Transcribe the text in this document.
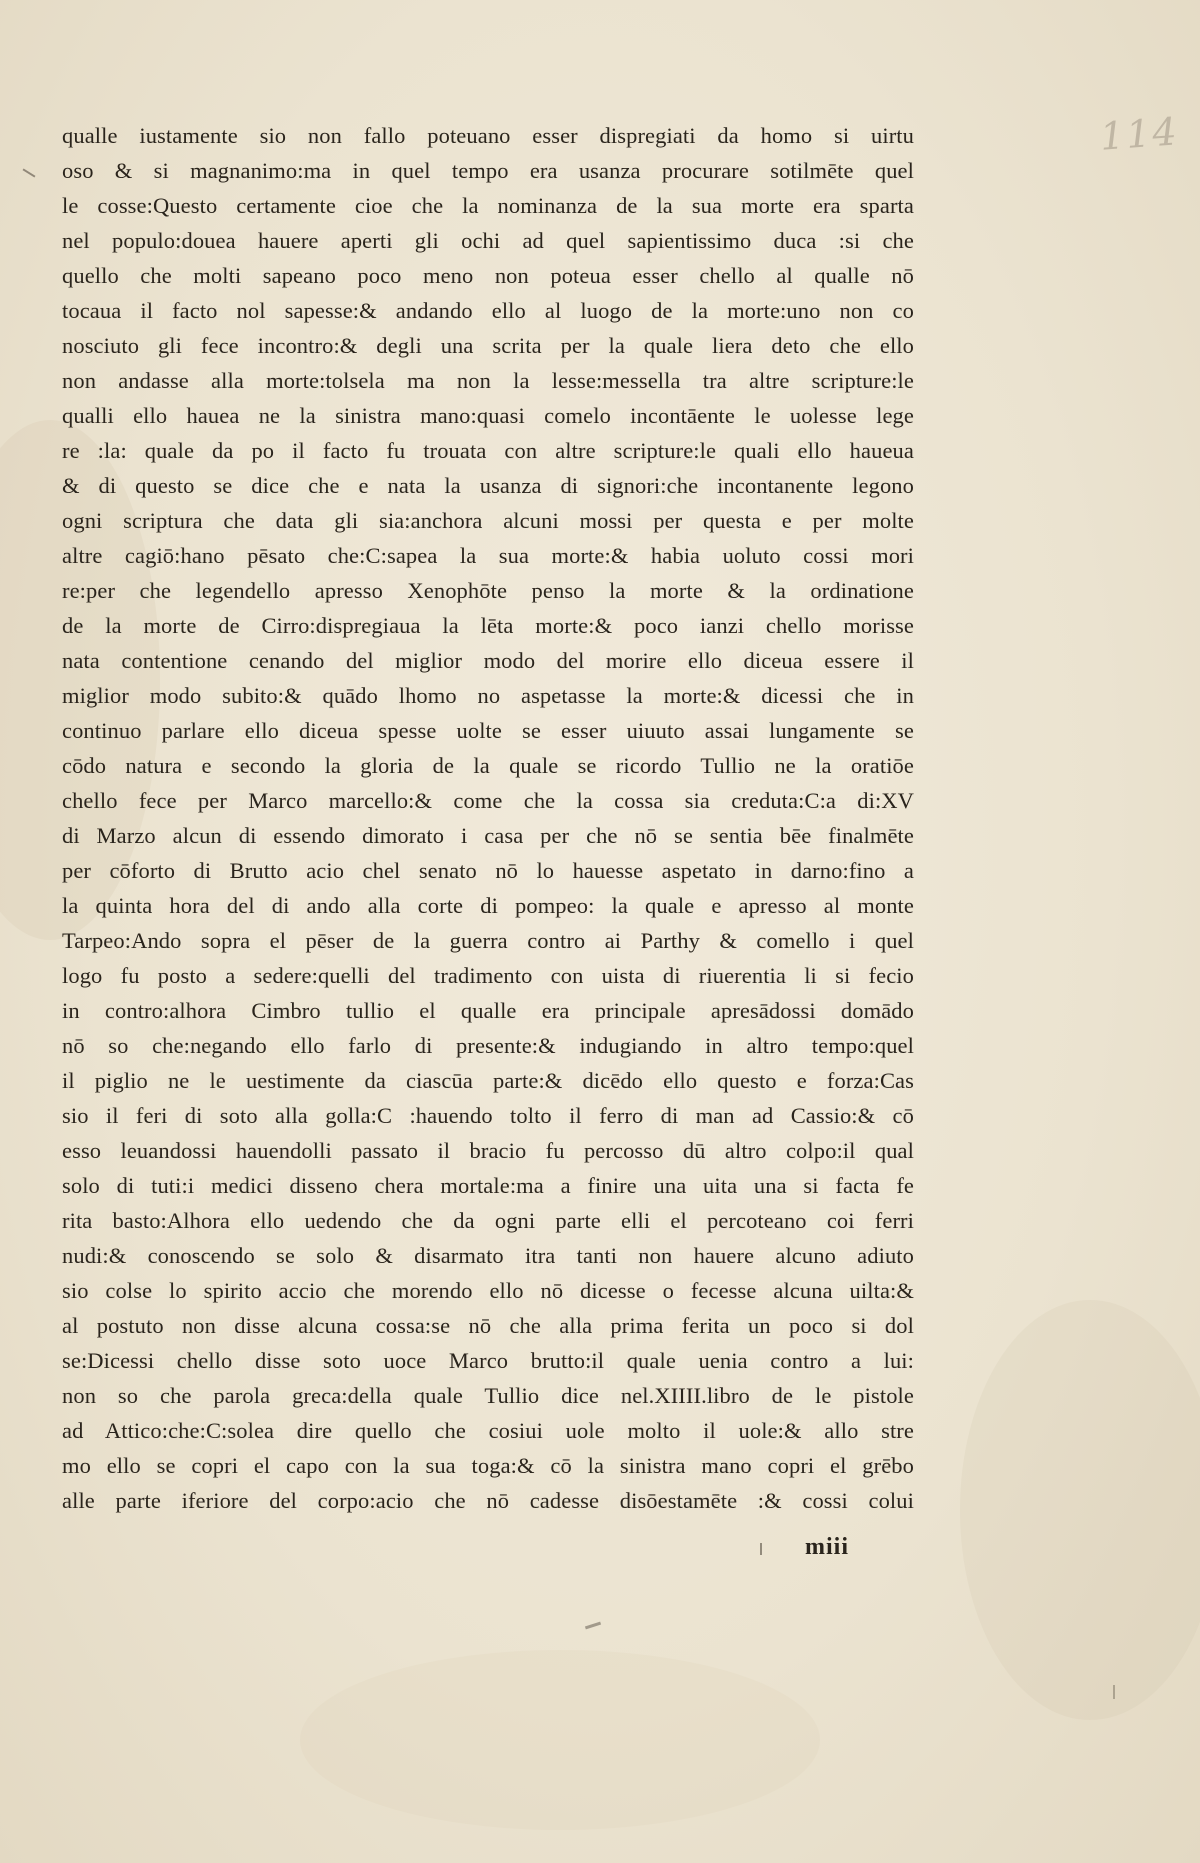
114
qualle iustamente sio non fallo poteuano esser dispregiati da homo si uirtu
oso & si magnanimo:ma in quel tempo era usanza procurare sotilmēte quel
le cosse:Questo certamente cioe che la nominanza de la sua morte era sparta
nel populo:douea hauere aperti gli ochi ad quel sapientissimo duca :si che
quello che molti sapeano poco meno non poteua esser chello al qualle nō
tocaua il facto nol sapesse:& andando ello al luogo de la morte:uno non co
nosciuto gli fece incontro:& degli una scrita per la quale liera deto che ello
non andasse alla morte:tolsela ma non la lesse:messella tra altre scripture:le
qualli ello hauea ne la sinistra mano:quasi comelo incontāente le uolesse lege
re :la: quale da po il facto fu trouata con altre scripture:le quali ello haueua
& di questo se dice che e nata la usanza di signori:che incontanente legono
ogni scriptura che data gli sia:anchora alcuni mossi per questa e per molte
altre cagiō:hano pēsato che:C:sapea la sua morte:& habia uoluto cossi mori
re:per che legendello apresso Xenophōte penso la morte & la ordinatione
de la morte de Cirro:dispregiaua la lēta morte:& poco ianzi chello morisse
nata contentione cenando del miglior modo del morire ello diceua essere il
miglior modo subito:& quādo lhomo no aspetasse la morte:& dicessi che in
continuo parlare ello diceua spesse uolte se esser uiuuto assai lungamente se
cōdo natura e secondo la gloria de la quale se ricordo Tullio ne la oratiōe
chello fece per Marco marcello:& come che la cossa sia creduta:C:a di:XV
di Marzo alcun di essendo dimorato i casa per che nō se sentia bēe finalmēte
per cōforto di Brutto acio chel senato nō lo hauesse aspetato in darno:fino a
la quinta hora del di ando alla corte di pompeo: la quale e apresso al monte
Tarpeo:Ando sopra el pēser de la guerra contro ai Parthy & comello i quel
logo fu posto a sedere:quelli del tradimento con uista di riuerentia li si fecio
in contro:alhora Cimbro tullio el qualle era principale apresādossi domādo
nō so che:negando ello farlo di presente:& indugiando in altro tempo:quel
il piglio ne le uestimente da ciascūa parte:& dicēdo ello questo e forza:Cas
sio il feri di soto alla golla:C :hauendo tolto il ferro di man ad Cassio:& cō
esso leuandossi hauendolli passato il bracio fu percosso dū altro colpo:il qual
solo di tuti:i medici disseno chera mortale:ma a finire una uita una si facta fe
rita basto:Alhora ello uedendo che da ogni parte elli el percoteano coi ferri
nudi:& conoscendo se solo & disarmato itra tanti non hauere alcuno adiuto
sio colse lo spirito accio che morendo ello nō dicesse o fecesse alcuna uilta:&
al postuto non disse alcuna cossa:se nō che alla prima ferita un poco si dol
se:Dicessi chello disse soto uoce Marco brutto:il quale uenia contro a lui:
non so che parola greca:della quale Tullio dice nel.XIIII.libro de le pistole
ad Attico:che:C:solea dire quello che cosiui uole molto il uole:& allo stre
mo ello se copri el capo con la sua toga:& cō la sinistra mano copri el grēbo
alle parte iferiore del corpo:acio che nō cadesse disōestamēte :& cossi colui
miii
